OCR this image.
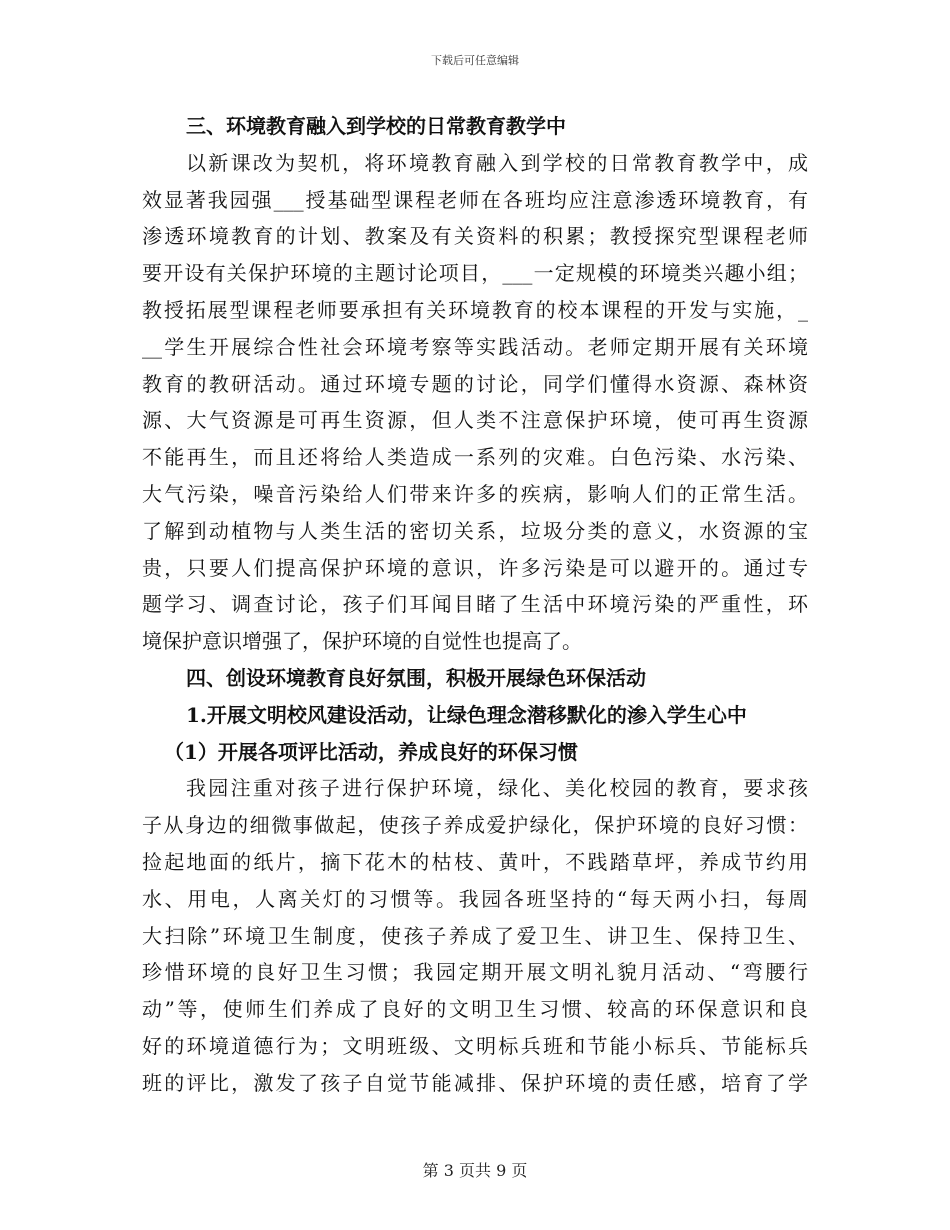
下载后可任意编辑
三、环境教育融入到学校的日常教育教学中
以新课改为契机，将环境教育融入到学校的日常教育教学中，成
效显著我园强___授基础型课程老师在各班均应注意渗透环境教育，有
渗透环境教育的计划、教案及有关资料的积累；教授探究型课程老师
要开设有关保护环境的主题讨论项目，___一定规模的环境类兴趣小组；
教授拓展型课程老师要承担有关环境教育的校本课程的开发与实施，_
__学生开展综合性社会环境考察等实践活动。老师定期开展有关环境
教育的教研活动。通过环境专题的讨论，同学们懂得水资源、森林资
源、大气资源是可再生资源，但人类不注意保护环境，使可再生资源
不能再生，而且还将给人类造成一系列的灾难。白色污染、水污染、
大气污染，噪音污染给人们带来许多的疾病，影响人们的正常生活。
了解到动植物与人类生活的密切关系，垃圾分类的意义，水资源的宝
贵，只要人们提高保护环境的意识，许多污染是可以避开的。通过专
题学习、调查讨论，孩子们耳闻目睹了生活中环境污染的严重性，环
境保护意识增强了，保护环境的自觉性也提高了。
四、创设环境教育良好氛围，积极开展绿色环保活动
1.开展文明校风建设活动，让绿色理念潜移默化的渗入学生心中
（1）开展各项评比活动，养成良好的环保习惯
我园注重对孩子进行保护环境，绿化、美化校园的教育，要求孩
子从身边的细微事做起，使孩子养成爱护绿化，保护环境的良好习惯：
捡起地面的纸片，摘下花木的枯枝、黄叶，不践踏草坪，养成节约用
水、用电，人离关灯的习惯等。我园各班坚持的“每天两小扫，每周
大扫除”环境卫生制度，使孩子养成了爱卫生、讲卫生、保持卫生、
珍惜环境的良好卫生习惯；我园定期开展文明礼貌月活动、“弯腰行
动”等，使师生们养成了良好的文明卫生习惯、较高的环保意识和良
好的环境道德行为；文明班级、文明标兵班和节能小标兵、节能标兵
班的评比，激发了孩子自觉节能减排、保护环境的责任感，培育了学
第 3 页共 9 页
